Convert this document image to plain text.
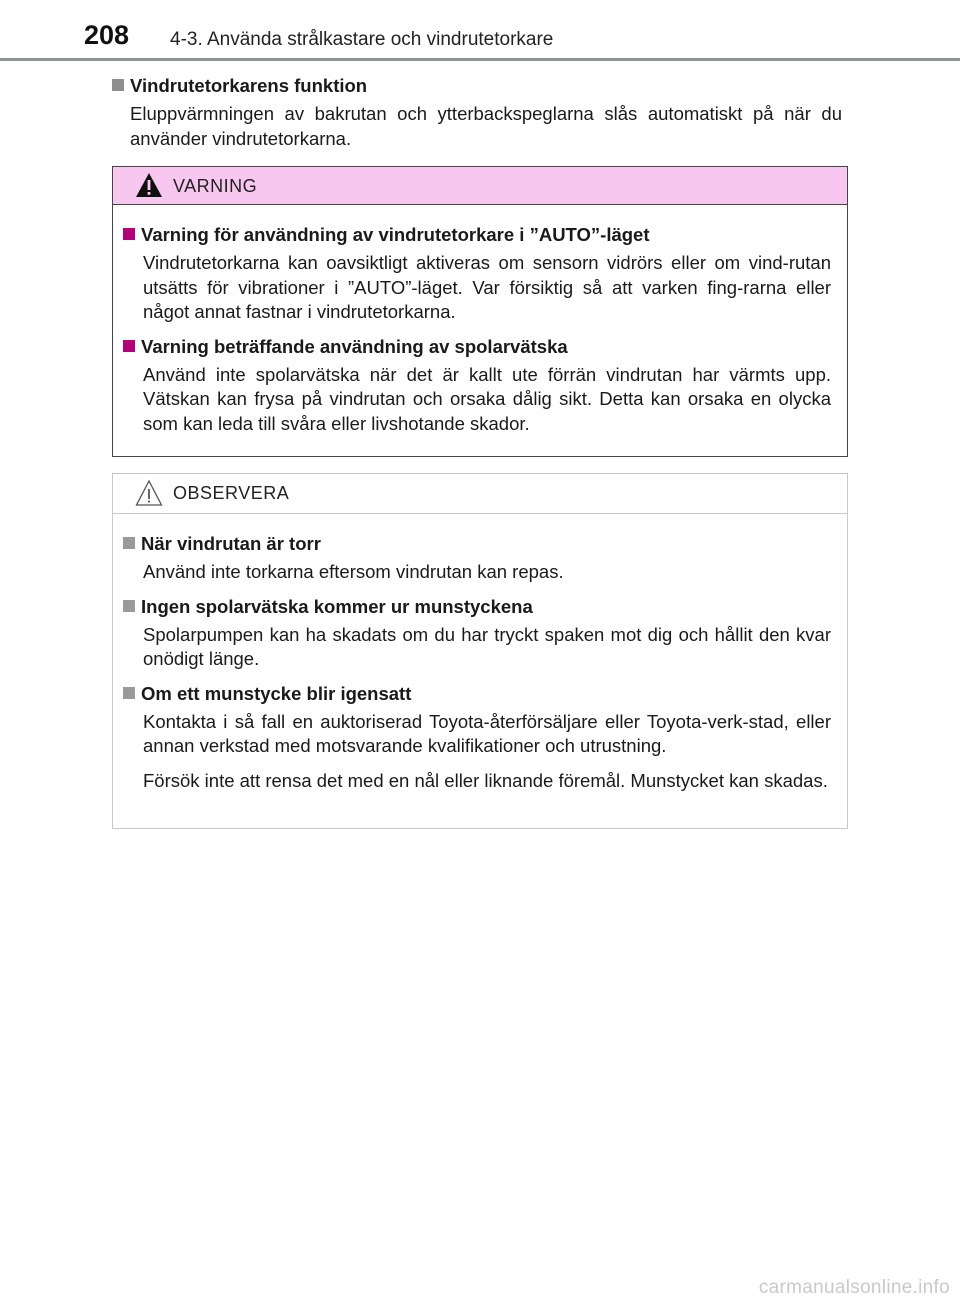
208 4-3. Använda strålkastare och vindrutetorkare

Vindrutetorkarens funktion

Eluppvärmningen av bakrutan och ytterbackspeglarna slås automatiskt på när du använder vindrutetorkarna.

VARNING

Varning för användning av vindrutetorkare i ”AUTO”-läget

Vindrutetorkarna kan oavsiktligt aktiveras om sensorn vidrörs eller om vind-rutan utsätts för vibrationer i ”AUTO”-läget. Var försiktig så att varken fing-rarna eller något annat fastnar i vindrutetorkarna.

Varning beträffande användning av spolarvätska

Använd inte spolarvätska när det är kallt ute förrän vindrutan har värmts upp. Vätskan kan frysa på vindrutan och orsaka dålig sikt. Detta kan orsaka en olycka som kan leda till svåra eller livshotande skador.

OBSERVERA

När vindrutan är torr

Använd inte torkarna eftersom vindrutan kan repas.

Ingen spolarvätska kommer ur munstyckena

Spolarpumpen kan ha skadats om du har tryckt spaken mot dig och hållit den kvar onödigt länge.

Om ett munstycke blir igensatt

Kontakta i så fall en auktoriserad Toyota-återförsäljare eller Toyota-verk-stad, eller annan verkstad med motsvarande kvalifikationer och utrustning.

Försök inte att rensa det med en nål eller liknande föremål. Munstycket kan skadas.

carmanualsonline.info
